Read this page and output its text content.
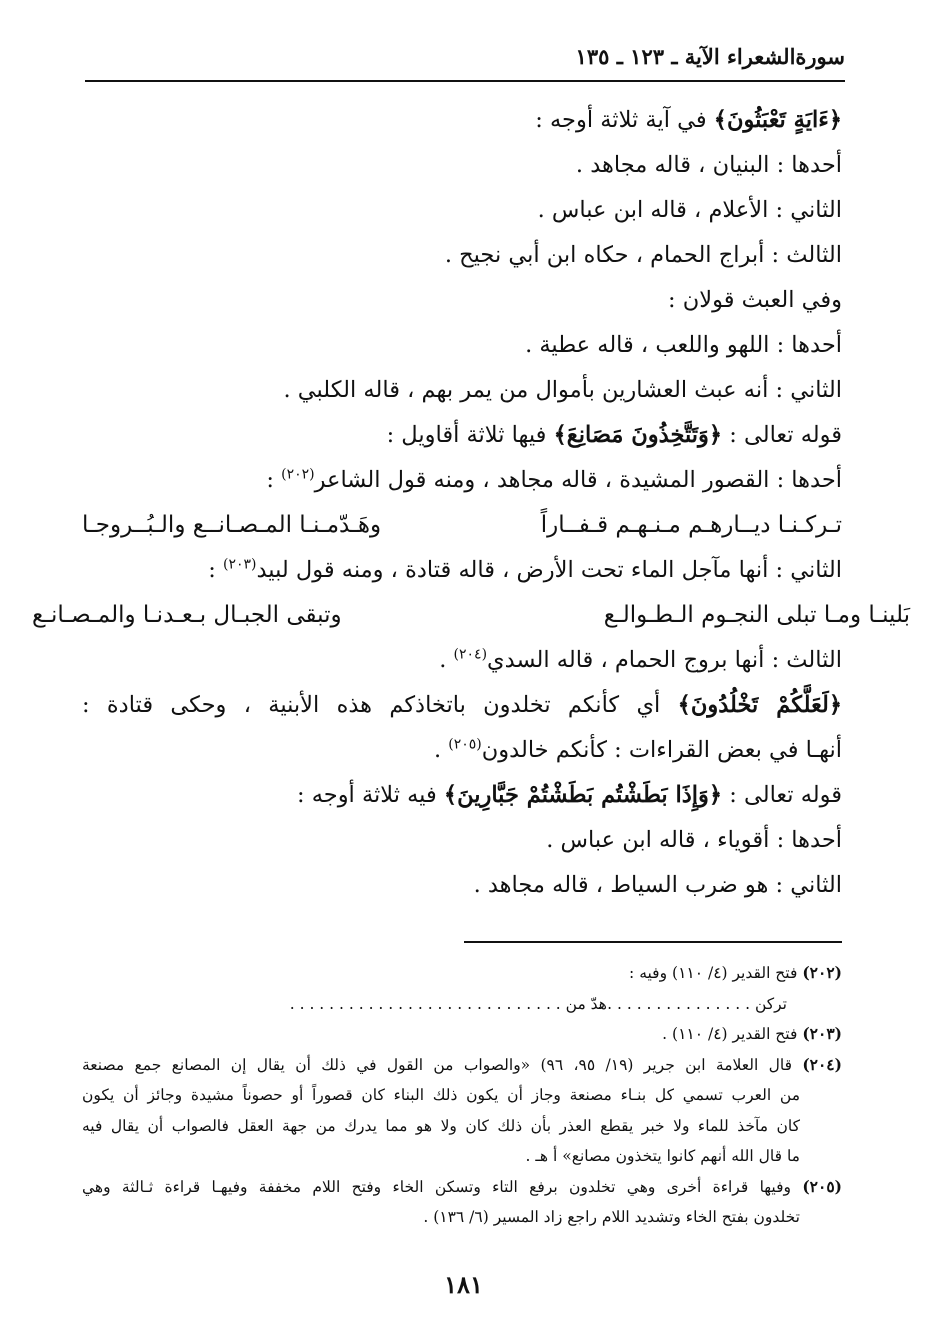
سورةالشعراء الآية ـ ١٢٣ ـ ١٣٥
﴿ءَايَةٍ تَعْبَثُونَ﴾ في آية ثلاثة أوجه :
أحدها : البنيان ، قاله مجاهد .
الثاني : الأعلام ، قاله ابن عباس .
الثالث : أبراج الحمام ، حكاه ابن أبي نجيح .
وفي العبث قولان :
أحدها : اللهو واللعب ، قاله عطية .
الثاني : أنه عبث العشارين بأموال من يمر بهم ، قاله الكلبي .
قوله تعالى : ﴿وَتَتَّخِذُونَ مَصَانِعَ﴾ فيها ثلاثة أقاويل :
أحدها : القصور المشيدة ، قاله مجاهد ، ومنه قول الشاعر$^{(٢٠٢)}$ :
تـركـنـا ديــارهـم مـنـهـم قـفــاراً
وهَـدّمـنـا المـصـانــع والـبُــروجـا
الثاني : أنها مآجل الماء تحت الأرض ، قاله قتادة ، ومنه قول لبيد$^{(٢٠٣)}$ :
بَلينـا ومـا تبلى النجـوم الـطـوالـع
وتبقى الجبـال بـعـدنـا والمـصـانـع
الثالث : أنها بروج الحمام ، قاله السدي$^{(٢٠٤)}$ .
﴿لَعَلَّكُمْ تَخْلُدُونَ﴾ أي كأنكم تخلدون باتخاذكم هذه الأبنية ، وحكى قتادة :
أنهـا في بعض القراءات : كأنكم خالدون$^{(٢٠٥)}$ .
قوله تعالى : ﴿وَإِذَا بَطَشْتُم بَطَشْتُمْ جَبَّارِينَ﴾ فيه ثلاثة أوجه :
أحدها : أقوياء ، قاله ابن عباس .
الثاني : هو ضرب السياط ، قاله مجاهد .
(٢٠٢) فتح القدير (٤/ ١١٠) وفيه :
تركن . . . . . . . . . . . . . . . .
هدّ من . . . . . . . . . . . . . . . . . . . . . . . . . . . .
(٢٠٣) فتح القدير (٤/ ١١٠) .
(٢٠٤) قال العلامة ابن جرير (١٩/ ٩٥، ٩٦) «والصواب من القول في ذلك أن يقال إن المصانع جمع مصنعة
من العرب تسمي كل بنـاء مصنعة وجاز أن يكون ذلك البناء كان قصوراً أو حصوناً مشيدة وجائز أن يكون
كان مآخذ للماء ولا خبر يقطع العذر بأن ذلك كان ولا هو مما يدرك من جهة العقل فالصواب أن يقال فيه
ما قال الله أنهم كانوا يتخذون مصانع» أ هـ .
(٢٠٥) وفيها قراءة أخرى وهي تخلدون برفع التاء وتسكن الخاء وفتح اللام مخففة وفيهـا قراءة ثـالثة وهي
تخلدون بفتح الخاء وتشديد اللام راجع زاد المسير (٦/ ١٣٦) .
١٨١
